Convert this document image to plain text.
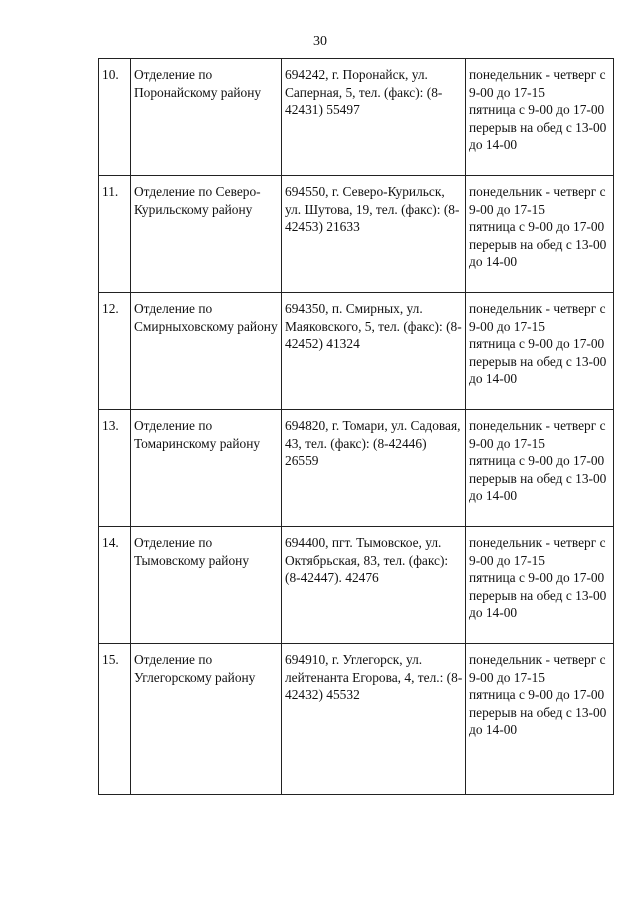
30
10.	Отделение по Поронайскому району	694242, г. Поронайск, ул. Саперная, 5, тел. (факс): (8-42431) 55497	понедельник - четверг с 9-00 до 17-15
пятница с 9-00 до 17-00
перерыв на обед с 13-00 до 14-00

11.	Отделение по Северо-Курильскому району	694550, г. Северо-Курильск, ул. Шутова, 19, тел. (факс): (8-42453) 21633	понедельник - четверг с 9-00 до 17-15
пятница с 9-00 до 17-00
перерыв на обед с 13-00 до 14-00

12.	Отделение по Смирныховскому району	694350, п. Смирных, ул. Маяковского, 5, тел. (факс): (8-42452) 41324	понедельник - четверг с 9-00 до 17-15
пятница с 9-00 до 17-00
перерыв на обед с 13-00 до 14-00

13.	Отделение по Томаринскому району	694820, г. Томари, ул. Садовая, 43, тел. (факс): (8-42446) 26559	понедельник - четверг с 9-00 до 17-15
пятница с 9-00 до 17-00
перерыв на обед с 13-00 до 14-00

14.	Отделение по Тымовскому району	694400, пгт. Тымовское, ул. Октябрьская, 83, тел. (факс): (8-42447). 42476	понедельник - четверг с 9-00 до 17-15
пятница с 9-00 до 17-00
перерыв на обед с 13-00 до 14-00

15.	Отделение по Углегорскому району	694910, г. Углегорск, ул. лейтенанта Егорова, 4, тел.: (8-42432) 45532	понедельник - четверг с 9-00 до 17-15
пятница с 9-00 до 17-00
перерыв на обед с 13-00 до 14-00
